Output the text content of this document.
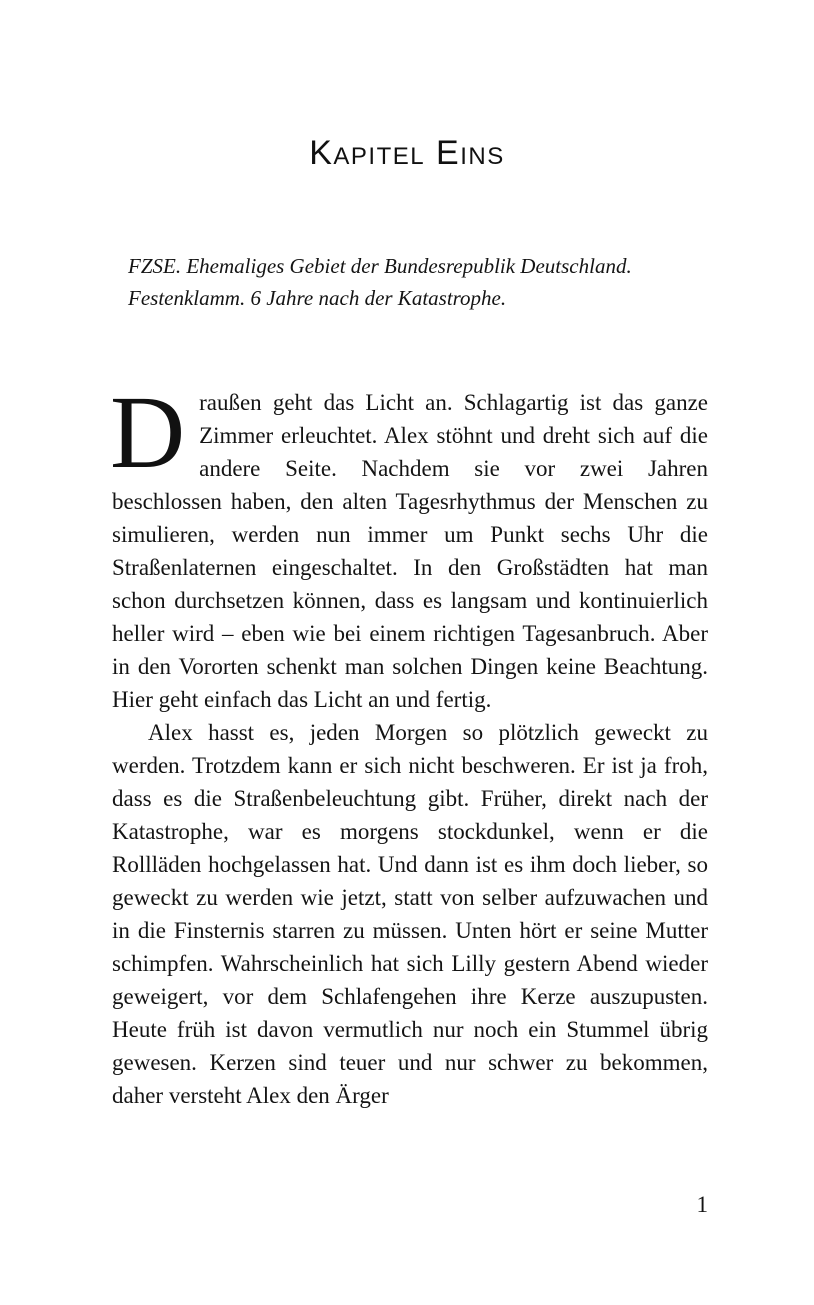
Kapitel Eins
FZSE. Ehemaliges Gebiet der Bundesrepublik Deutschland.
Festenklamm. 6 Jahre nach der Katastrophe.

Draußen geht das Licht an. Schlagartig ist das ganze Zimmer erleuchtet. Alex stöhnt und dreht sich auf die andere Seite. Nachdem sie vor zwei Jahren beschlossen haben, den alten Tagesrhythmus der Menschen zu simulieren, werden nun immer um Punkt sechs Uhr die Straßenlaternen eingeschaltet. In den Großstädten hat man schon durchsetzen können, dass es langsam und kontinuierlich heller wird – eben wie bei einem richtigen Tagesanbruch. Aber in den Vororten schenkt man solchen Dingen keine Beachtung. Hier geht einfach das Licht an und fertig.

Alex hasst es, jeden Morgen so plötzlich geweckt zu werden. Trotzdem kann er sich nicht beschweren. Er ist ja froh, dass es die Straßenbeleuchtung gibt. Früher, direkt nach der Katastrophe, war es morgens stockdunkel, wenn er die Rollläden hochgelassen hat. Und dann ist es ihm doch lieber, so geweckt zu werden wie jetzt, statt von selber aufzuwachen und in die Finsternis starren zu müssen. Unten hört er seine Mutter schimpfen. Wahrscheinlich hat sich Lilly gestern Abend wieder geweigert, vor dem Schlafengehen ihre Kerze auszupusten. Heute früh ist davon vermutlich nur noch ein Stummel übrig gewesen. Kerzen sind teuer und nur schwer zu bekommen, daher versteht Alex den Ärger

1
